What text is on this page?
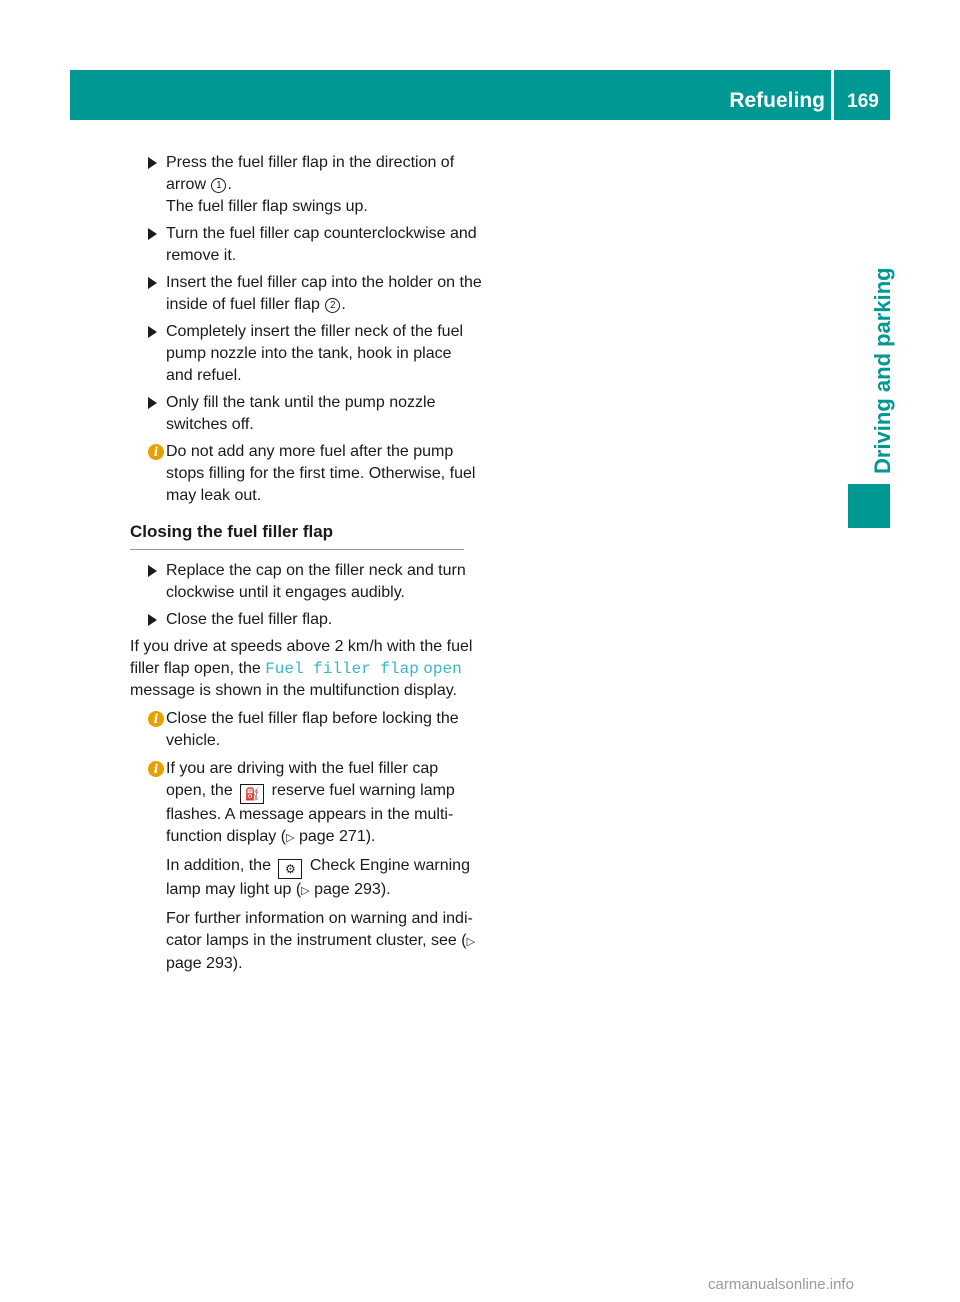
Refueling	169
Driving and parking
Press the fuel filler flap in the direction of arrow 1 .
The fuel filler flap swings up.
Turn the fuel filler cap counterclockwise and remove it.
Insert the fuel filler cap into the holder on the inside of fuel filler flap 2 .
Completely insert the filler neck of the fuel pump nozzle into the tank, hook in place and refuel.
Only fill the tank until the pump nozzle switches off.
i Do not add any more fuel after the pump stops filling for the first time. Otherwise, fuel may leak out.

Closing the fuel filler flap
Replace the cap on the filler neck and turn clockwise until it engages audibly.
Close the fuel filler flap.

If you drive at speeds above 2 km/h with the fuel filler flap open, the Fuel filler flap open message is shown in the multifunction display.

i Close the fuel filler flap before locking the vehicle.

i If you are driving with the fuel filler cap open, the ⛽ reserve fuel warning lamp flashes. A message appears in the multi-function display (▷ page 271).

In addition, the ⚙ Check Engine warning lamp may light up (▷ page 293).

For further information on warning and indi-cator lamps in the instrument cluster, see (▷ page 293).

carmanualsonline.info
